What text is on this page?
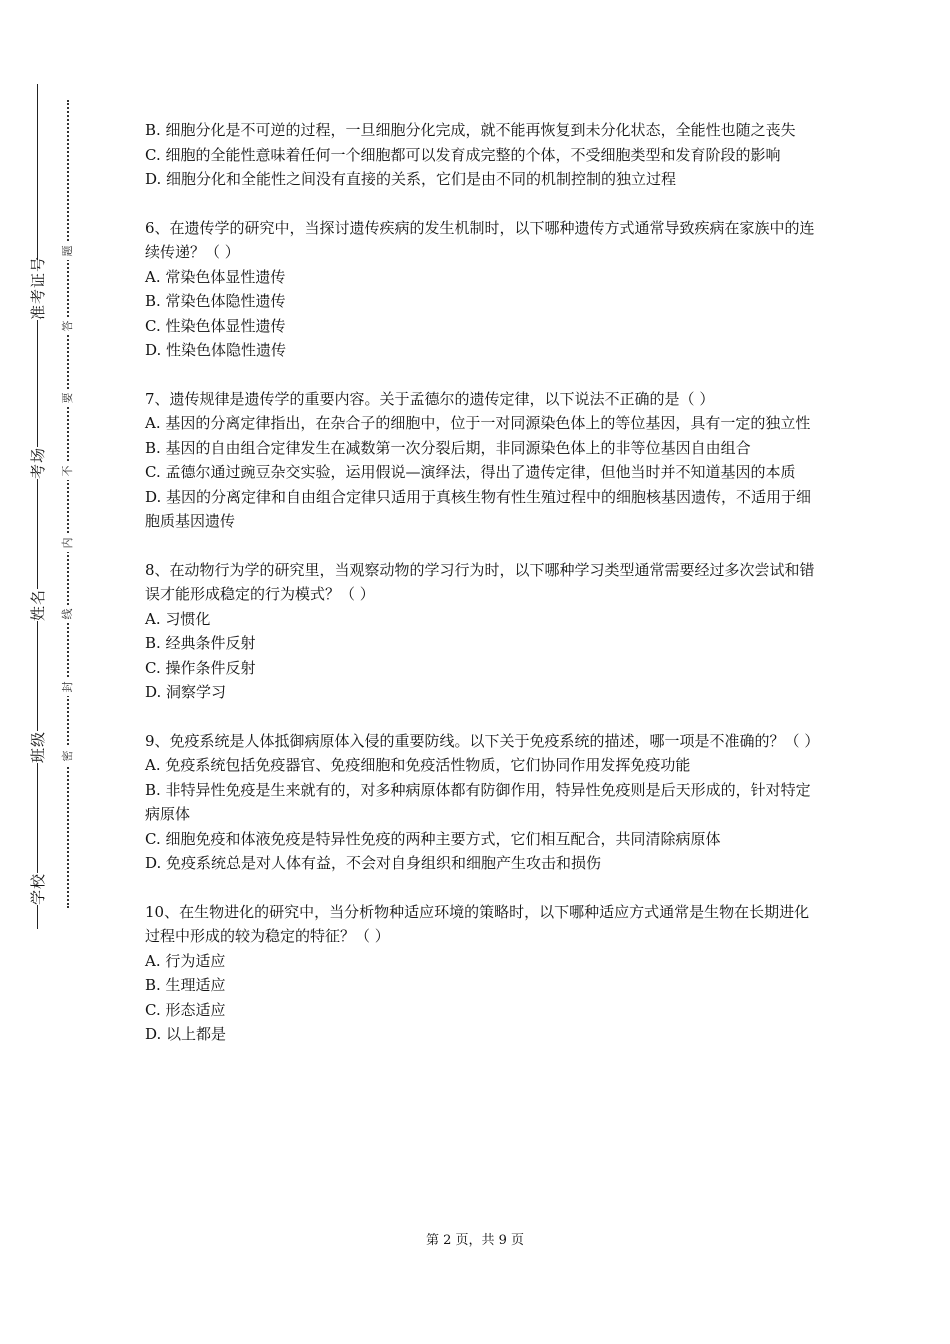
准考证号
考场
姓名
班级
学校
题
答
要
不
内
线
封
密
B. 细胞分化是不可逆的过程，一旦细胞分化完成，就不能再恢复到未分化状态，全能性也随之丧失
C. 细胞的全能性意味着任何一个细胞都可以发育成完整的个体，不受细胞类型和发育阶段的影响
D. 细胞分化和全能性之间没有直接的关系，它们是由不同的机制控制的独立过程
6、在遗传学的研究中，当探讨遗传疾病的发生机制时，以下哪种遗传方式通常导致疾病在家族中的连续传递？（ ）
A. 常染色体显性遗传
B. 常染色体隐性遗传
C. 性染色体显性遗传
D. 性染色体隐性遗传
7、遗传规律是遗传学的重要内容。关于孟德尔的遗传定律，以下说法不正确的是（ ）
A. 基因的分离定律指出，在杂合子的细胞中，位于一对同源染色体上的等位基因，具有一定的独立性
B. 基因的自由组合定律发生在减数第一次分裂后期，非同源染色体上的非等位基因自由组合
C. 孟德尔通过豌豆杂交实验，运用假说—演绎法，得出了遗传定律，但他当时并不知道基因的本质
D. 基因的分离定律和自由组合定律只适用于真核生物有性生殖过程中的细胞核基因遗传，不适用于细胞质基因遗传
8、在动物行为学的研究里，当观察动物的学习行为时，以下哪种学习类型通常需要经过多次尝试和错误才能形成稳定的行为模式？（ ）
A. 习惯化
B. 经典条件反射
C. 操作条件反射
D. 洞察学习
9、免疫系统是人体抵御病原体入侵的重要防线。以下关于免疫系统的描述，哪一项是不准确的？（ ）
A. 免疫系统包括免疫器官、免疫细胞和免疫活性物质，它们协同作用发挥免疫功能
B. 非特异性免疫是生来就有的，对多种病原体都有防御作用，特异性免疫则是后天形成的，针对特定病原体
C. 细胞免疫和体液免疫是特异性免疫的两种主要方式，它们相互配合，共同清除病原体
D. 免疫系统总是对人体有益，不会对自身组织和细胞产生攻击和损伤
10、在生物进化的研究中，当分析物种适应环境的策略时，以下哪种适应方式通常是生物在长期进化过程中形成的较为稳定的特征？（ ）
A. 行为适应
B. 生理适应
C. 形态适应
D. 以上都是
第 2 页，共 9 页
